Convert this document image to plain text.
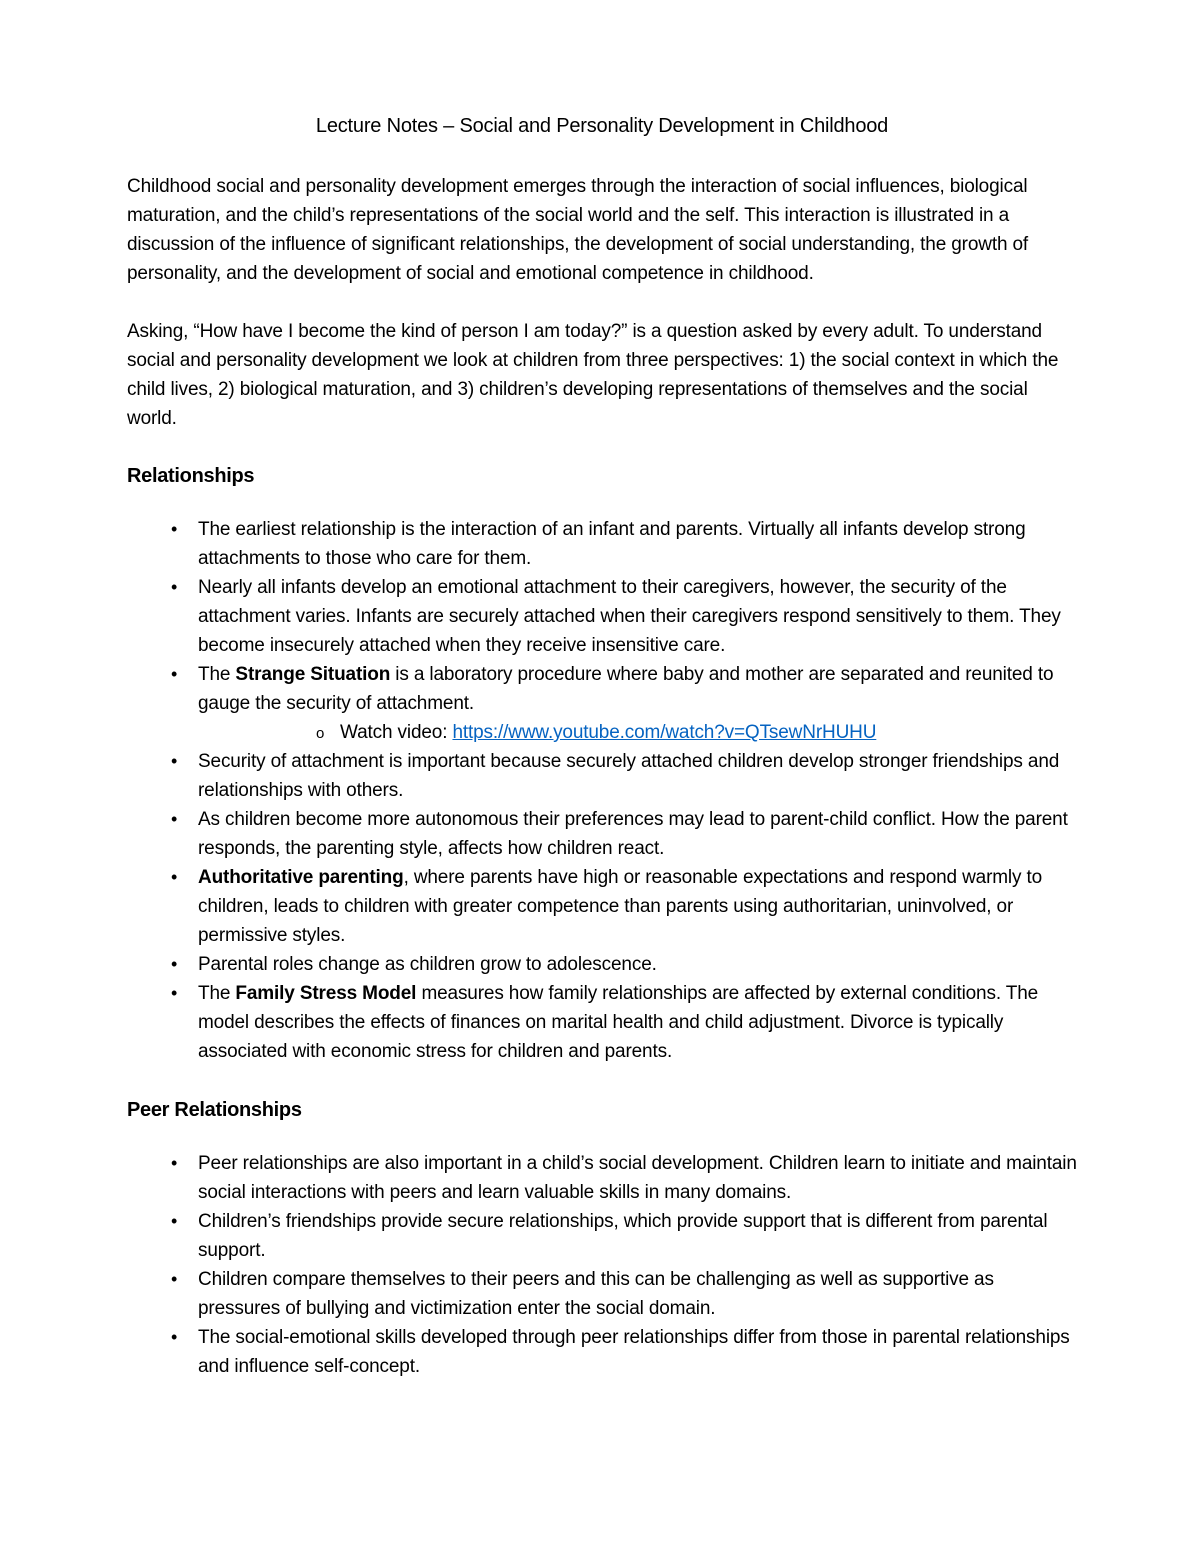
Lecture Notes – Social and Personality Development in Childhood

Childhood social and personality development emerges through the interaction of social influences, biological maturation, and the child’s representations of the social world and the self. This interaction is illustrated in a discussion of the influence of significant relationships, the development of social understanding, the growth of personality, and the development of social and emotional competence in childhood.

Asking, “How have I become the kind of person I am today?” is a question asked by every adult. To understand social and personality development we look at children from three perspectives: 1) the social context in which the child lives, 2) biological maturation, and 3) children’s developing representations of themselves and the social world.

Relationships
• The earliest relationship is the interaction of an infant and parents. Virtually all infants develop strong attachments to those who care for them.
• Nearly all infants develop an emotional attachment to their caregivers, however, the security of the attachment varies. Infants are securely attached when their caregivers respond sensitively to them. They become insecurely attached when they receive insensitive care.
• The Strange Situation is a laboratory procedure where baby and mother are separated and reunited to gauge the security of attachment.
o Watch video: https://www.youtube.com/watch?v=QTsewNrHUHU
• Security of attachment is important because securely attached children develop stronger friendships and relationships with others.
• As children become more autonomous their preferences may lead to parent-child conflict. How the parent responds, the parenting style, affects how children react.
• Authoritative parenting, where parents have high or reasonable expectations and respond warmly to children, leads to children with greater competence than parents using authoritarian, uninvolved, or permissive styles.
• Parental roles change as children grow to adolescence.
• The Family Stress Model measures how family relationships are affected by external conditions. The model describes the effects of finances on marital health and child adjustment. Divorce is typically associated with economic stress for children and parents.
Peer Relationships
• Peer relationships are also important in a child’s social development. Children learn to initiate and maintain social interactions with peers and learn valuable skills in many domains.
• Children’s friendships provide secure relationships, which provide support that is different from parental support.
• Children compare themselves to their peers and this can be challenging as well as supportive as pressures of bullying and victimization enter the social domain.
• The social-emotional skills developed through peer relationships differ from those in parental relationships and influence self-concept.
